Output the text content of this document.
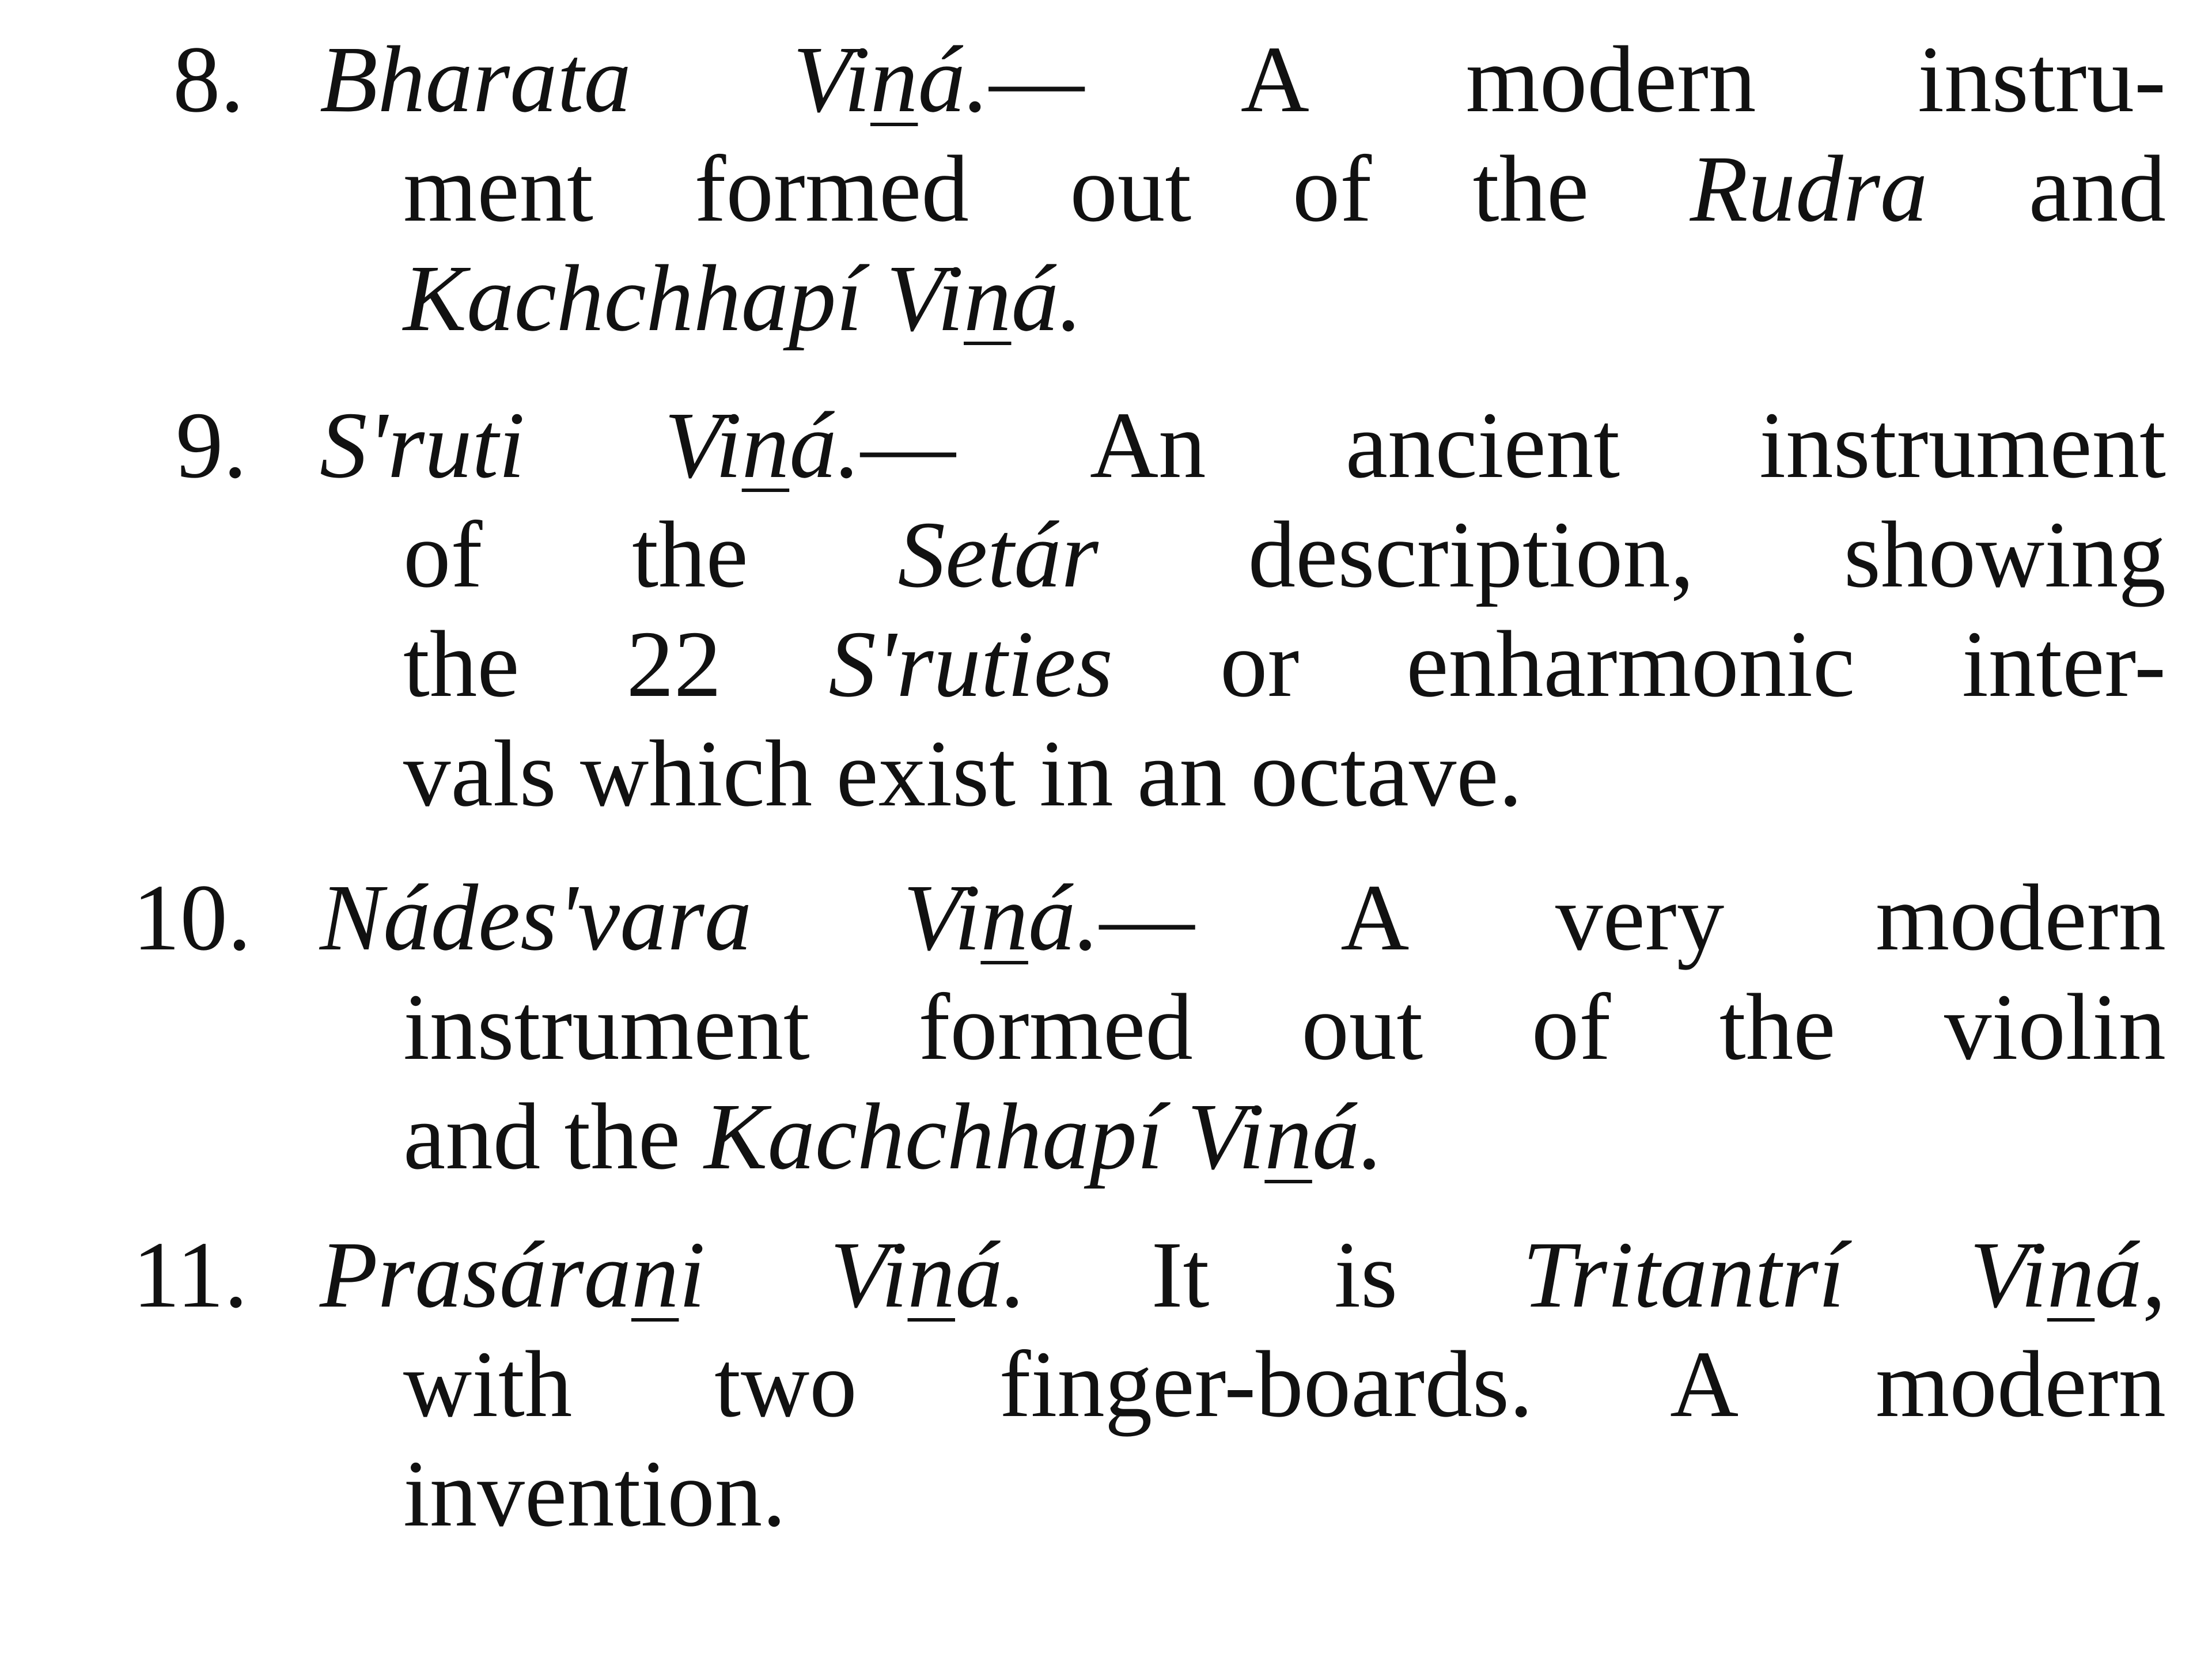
8. Bharata Viná.— A modern instru-
ment formed out of the Rudra and
Kachchhapí Viná.
9. S'ruti Viná.— An ancient instrument
of the Setár description, showing
the 22 S'ruties or enharmonic inter-
vals which exist in an octave.
10. Nádes'vara Viná.— A very modern
instrument formed out of the violin
and the Kachchhapí Viná.
11. Prasárani Viná. It is Tritantrí Viná,
with two finger-boards. A modern
invention.
